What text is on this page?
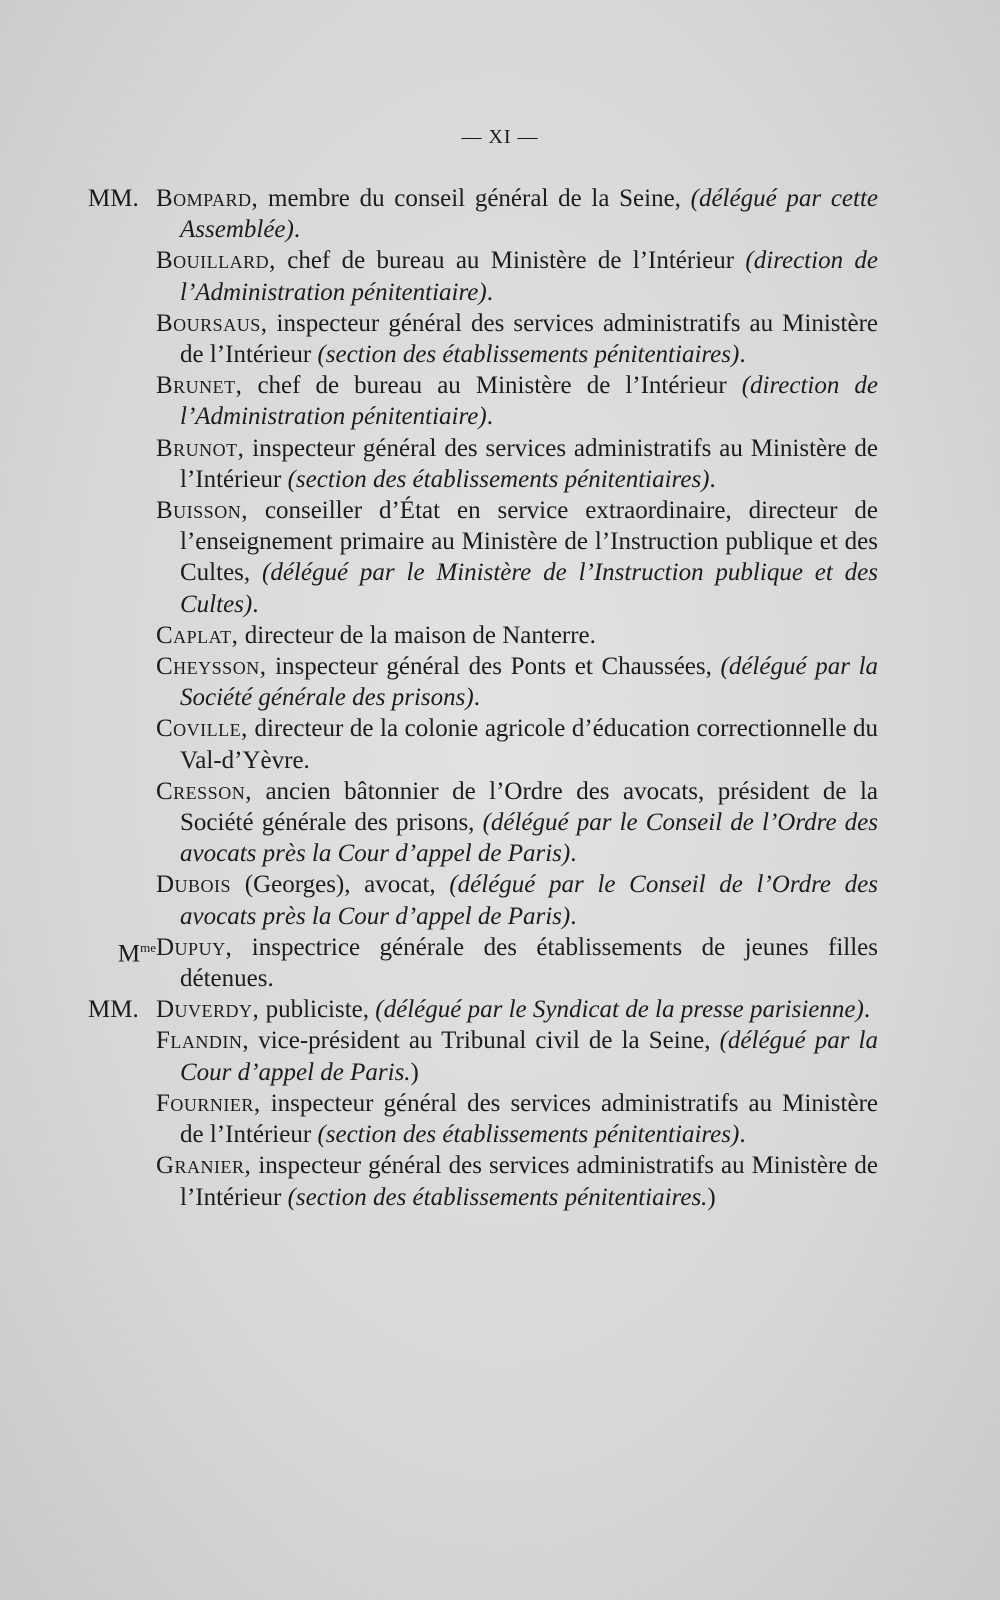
— XI —

MM. Bompard, membre du conseil général de la Seine, (délégué par cette Assemblée).

Bouillard, chef de bureau au Ministère de l’Intérieur (direction de l’Administration pénitentiaire).

Boursaus, inspecteur général des services administratifs au Ministère de l’Intérieur (section des établissements pénitentiaires).

Brunet, chef de bureau au Ministère de l’Intérieur (direction de l’Administration pénitentiaire).

Brunot, inspecteur général des services administratifs au Ministère de l’Intérieur (section des établissements pénitentiaires).

Buisson, conseiller d’État en service extraordinaire, directeur de l’enseignement primaire au Ministère de l’Instruction publique et des Cultes, (délégué par le Ministère de l’Instruction publique et des Cultes).

Caplat, directeur de la maison de Nanterre.

Cheysson, inspecteur général des Ponts et Chaussées, (délégué par la Société générale des prisons).

Coville, directeur de la colonie agricole d’éducation correctionnelle du Val-d’Yèvre.

Cresson, ancien bâtonnier de l’Ordre des avocats, président de la Société générale des prisons, (délégué par le Conseil de l’Ordre des avocats près la Cour d’appel de Paris).

Dubois (Georges), avocat, (délégué par le Conseil de l’Ordre des avocats près la Cour d’appel de Paris).

$M^{me}$ Dupuy, inspectrice générale des établissements de jeunes filles détenues.

MM. Duverdy, publiciste, (délégué par le Syndicat de la presse parisienne).

Flandin, vice-président au Tribunal civil de la Seine, (délégué par la Cour d’appel de Paris.)

Fournier, inspecteur général des services administratifs au Ministère de l’Intérieur (section des établissements pénitentiaires).

Granier, inspecteur général des services administratifs au Ministère de l’Intérieur (section des établissements pénitentiaires.)
